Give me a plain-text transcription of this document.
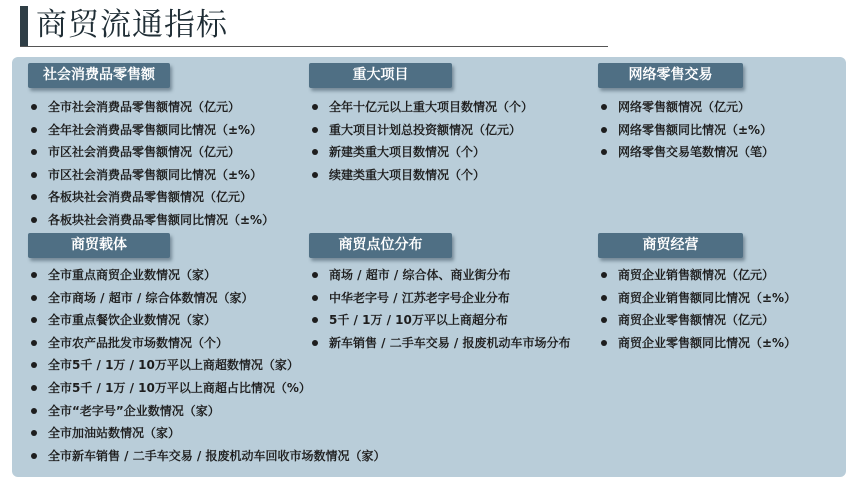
商贸流通指标
社会消费品零售额
全市社会消费品零售额情况（亿元）
全年社会消费品零售额同比情况（±%）
市区社会消费品零售额情况（亿元）
市区社会消费品零售额同比情况（±%）
各板块社会消费品零售额情况（亿元）
各板块社会消费品零售额同比情况（±%）
重大项目
全年十亿元以上重大项目数情况（个）
重大项目计划总投资额情况（亿元）
新建类重大项目数情况（个）
续建类重大项目数情况（个）
网络零售交易
网络零售额情况（亿元）
网络零售额同比情况（±%）
网络零售交易笔数情况（笔）
商贸载体
全市重点商贸企业数情况（家）
全市商场 / 超市 / 综合体数情况（家）
全市重点餐饮企业数情况（家）
全市农产品批发市场数情况（个）
全市5千 / 1万 / 10万平以上商超数情况（家）
全市5千 / 1万 / 10万平以上商超占比情况（%）
全市“老字号”企业数情况（家）
全市加油站数情况（家）
全市新车销售 / 二手车交易 / 报废机动车回收市场数情况（家）
商贸点位分布
商场 / 超市 / 综合体、商业街分布
中华老字号 / 江苏老字号企业分布
5千 / 1万 / 10万平以上商超分布
新车销售 / 二手车交易 / 报废机动车市场分布
商贸经营
商贸企业销售额情况（亿元）
商贸企业销售额同比情况（±%）
商贸企业零售额情况（亿元）
商贸企业零售额同比情况（±%）
